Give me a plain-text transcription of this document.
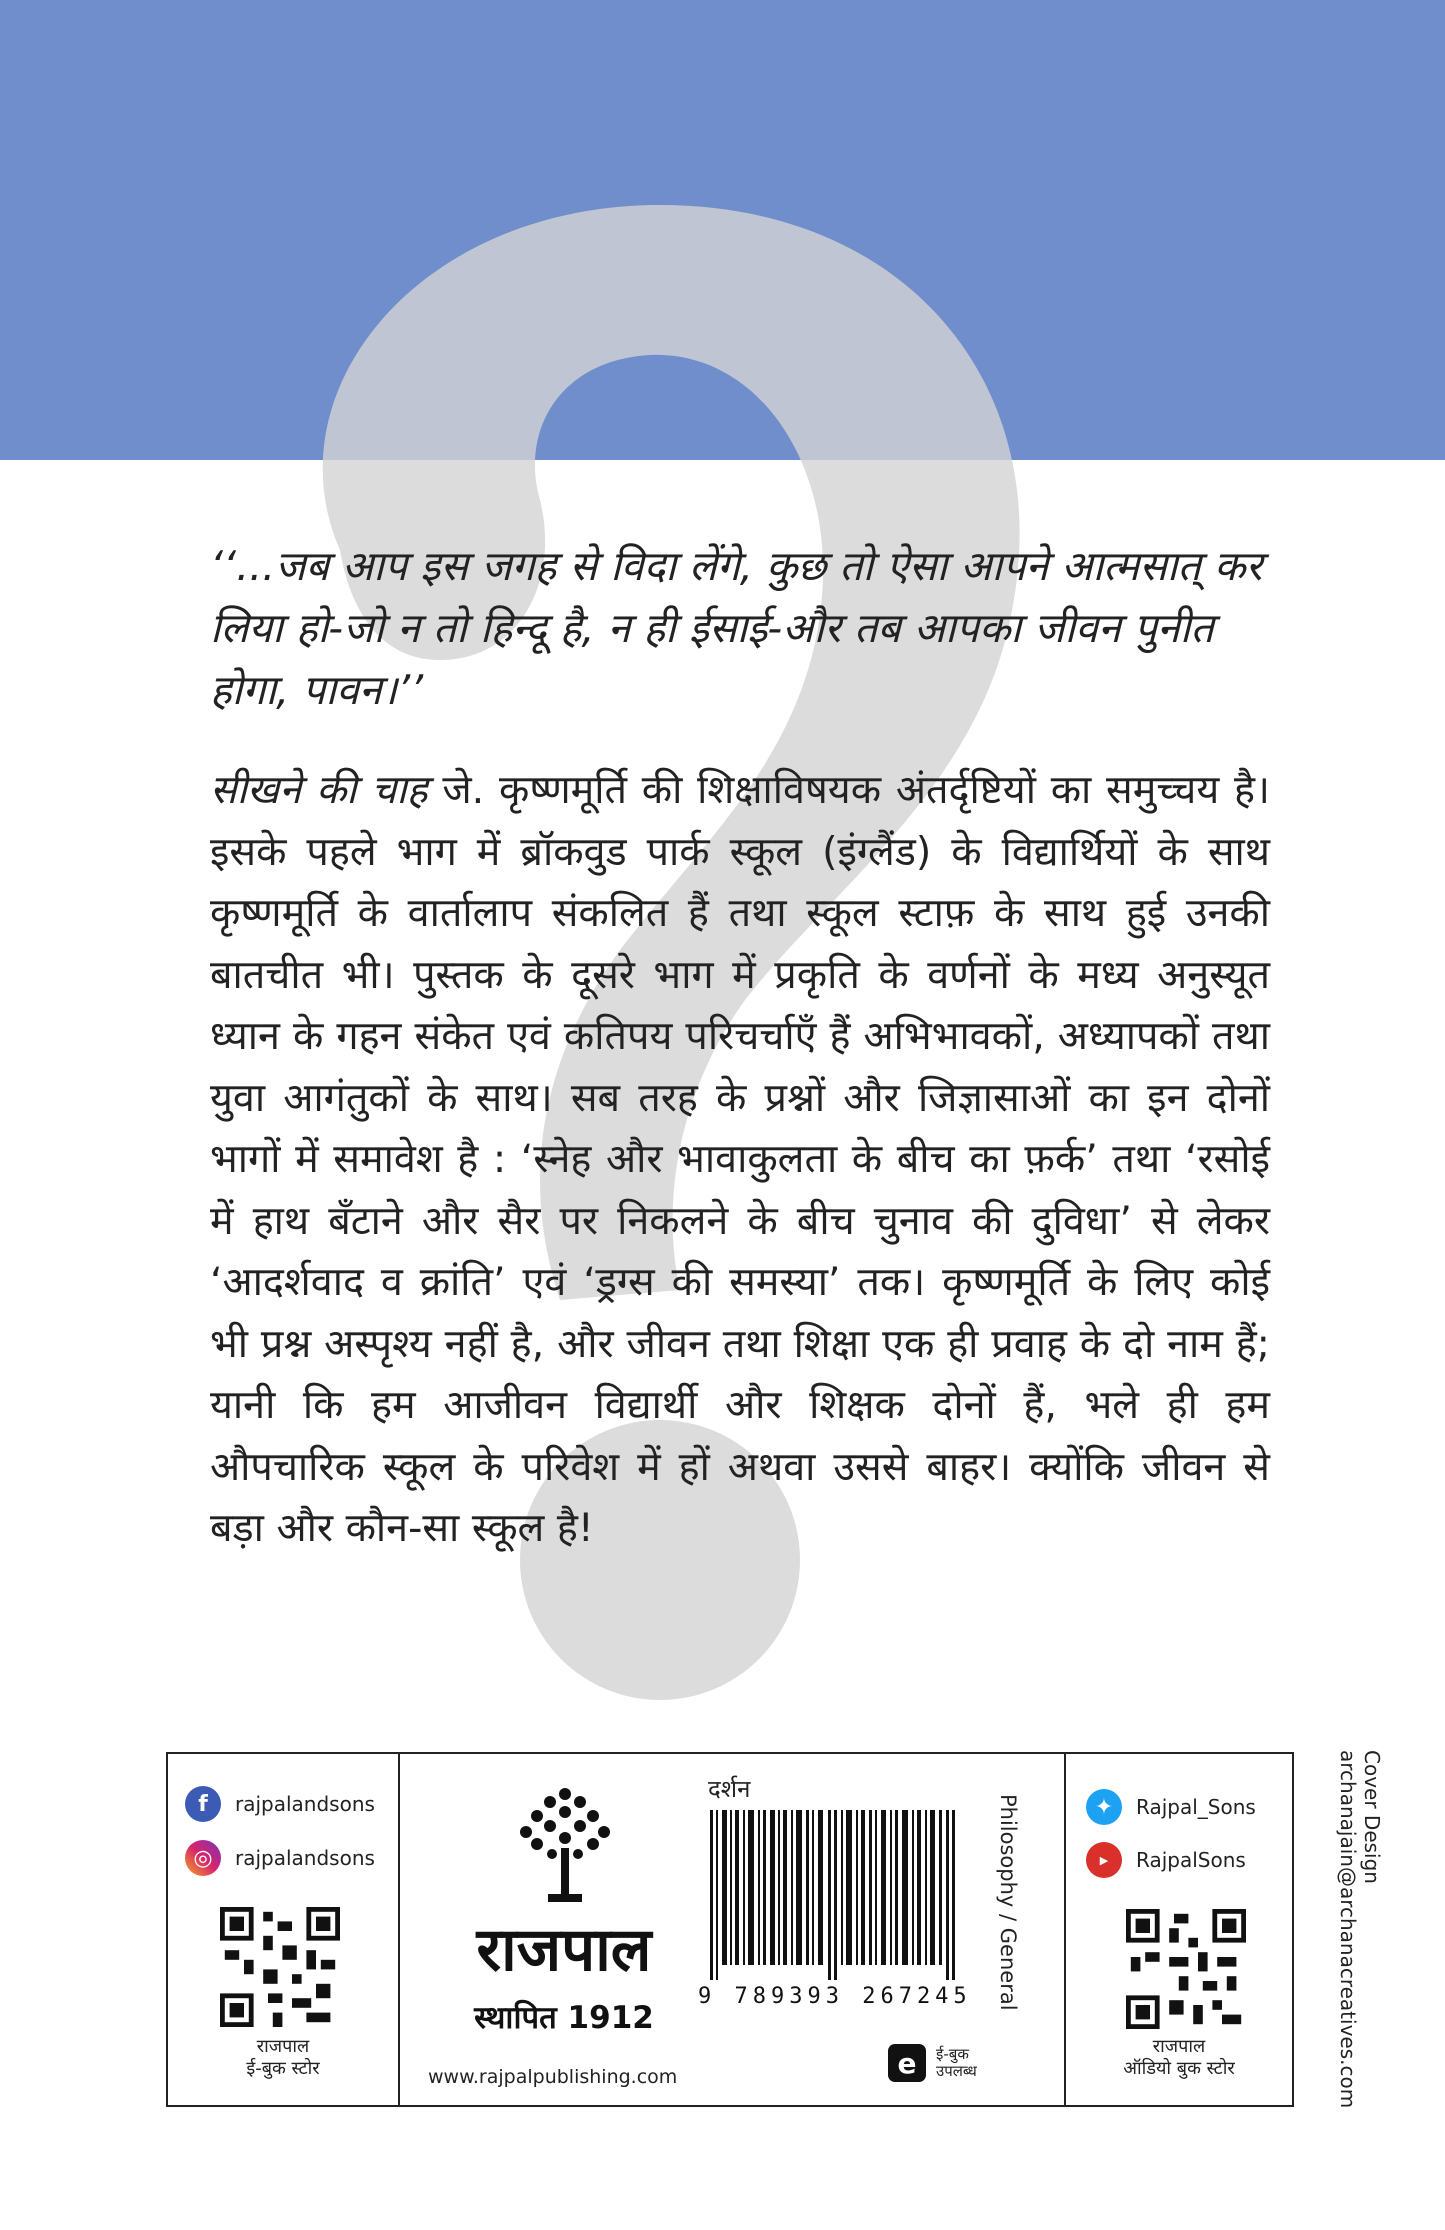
‘‘...जब आप इस जगह से विदा लेंगे, कुछ तो ऐसा आपने आत्मसात् कर लिया हो-जो न तो हिन्दू है, न ही ईसाई-और तब आपका जीवन पुनीत होगा, पावन।’’
सीखने की चाह जे. कृष्णमूर्ति की शिक्षाविषयक अंतर्दृष्टियों का समुच्चय है। इसके पहले भाग में ब्रॉकवुड पार्क स्कूल (इंग्लैंड) के विद्यार्थियों के साथ कृष्णमूर्ति के वार्तालाप संकलित हैं तथा स्कूल स्टाफ़ के साथ हुई उनकी बातचीत भी। पुस्तक के दूसरे भाग में प्रकृति के वर्णनों के मध्य अनुस्यूत ध्यान के गहन संकेत एवं कतिपय परिचर्चाएँ हैं अभिभावकों, अध्यापकों तथा युवा आगंतुकों के साथ। सब तरह के प्रश्नों और जिज्ञासाओं का इन दोनों भागों में समावेश है : ‘स्नेह और भावाकुलता के बीच का फ़र्क’ तथा ‘रसोई में हाथ बँटाने और सैर पर निकलने के बीच चुनाव की दुविधा’ से लेकर ‘आदर्शवाद व क्रांति’ एवं ‘ड्रग्स की समस्या’ तक। कृष्णमूर्ति के लिए कोई भी प्रश्न अस्पृश्य नहीं है, और जीवन तथा शिक्षा एक ही प्रवाह के दो नाम हैं; यानी कि हम आजीवन विद्यार्थी और शिक्षक दोनों हैं, भले ही हम औपचारिक स्कूल के परिवेश में हों अथवा उससे बाहर। क्योंकि जीवन से बड़ा और कौन-सा स्कूल है!
f	rajpalandsons
◎	rajpalandsons
राजपाल
ई-बुक स्टोर
राजपाल
स्थापित 1912
www.rajpalpublishing.com
दर्शन
9 789393 267245 Philosophy / General
e	ई-बुक
उपलब्ध
✦	Rajpal_Sons
▶	RajpalSons
राजपाल
ऑडियो बुक स्टोर
Cover Design
archanajain@archanacreatives.com
